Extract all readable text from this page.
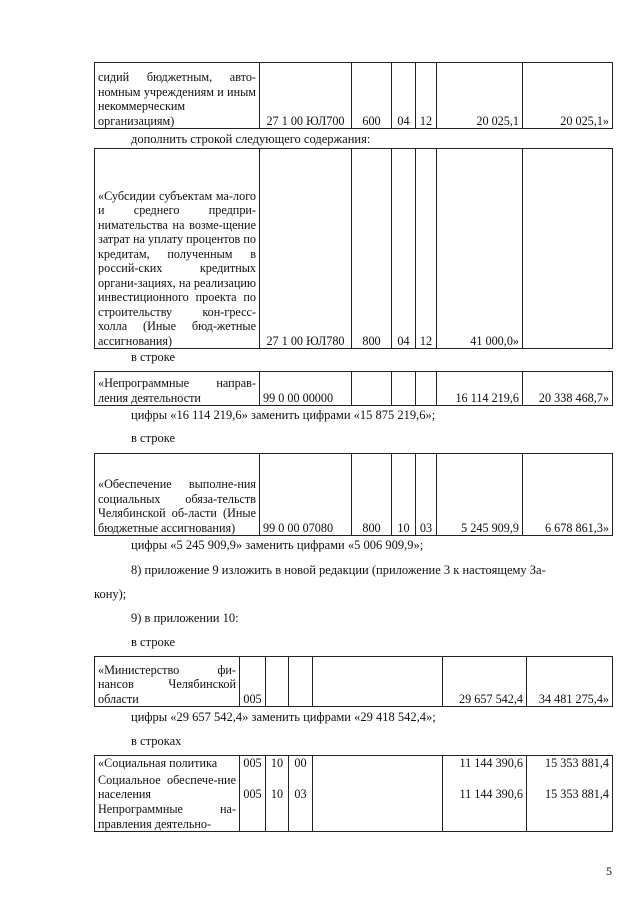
сидий бюджетным, авто-номным учреждениям и иным некоммерческим организациям)	27 1 00 ЮЛ700	600	04	12	20 025,1	20 025,1»
дополнить строкой следующего содержания:
«Субсидии субъектам ма-лого и среднего предпри-нимательства на возме-щение затрат на уплату процентов по кредитам, полученным в россий-ских кредитных органи-зациях, на реализацию инвестиционного проекта по строительству кон-гресс-холла (Иные бюд-жетные ассигнования)	27 1 00 ЮЛ780	800	04	12	41 000,0»	
в строке
«Непрограммные направ-ления деятельности	99 0 00 00000				16 114 219,6	20 338 468,7»
цифры «16 114 219,6» заменить цифрами «15 875 219,6»;
в строке
«Обеспечение выполне-ния социальных обяза-тельств Челябинской об-ласти (Иные бюджетные ассигнования)	99 0 00 07080	800	10	03	5 245 909,9	6 678 861,3»
цифры «5 245 909,9» заменить цифрами «5 006 909,9»;
8) приложение 9 изложить в новой редакции (приложение 3 к настоящему За-
кону);
9) в приложении 10:
в строке
«Министерство фи-нансов Челябинской области	005				29 657 542,4	34 481 275,4»
цифры «29 657 542,4» заменить цифрами «29 418 542,4»;
в строках
«Социальная политика	005	10	00		11 144 390,6	15 353 881,4
Социальное обеспече-ние населения	005	10	03		11 144 390,6	15 353 881,4
Непрограммные на-правления деятельно-						
5
